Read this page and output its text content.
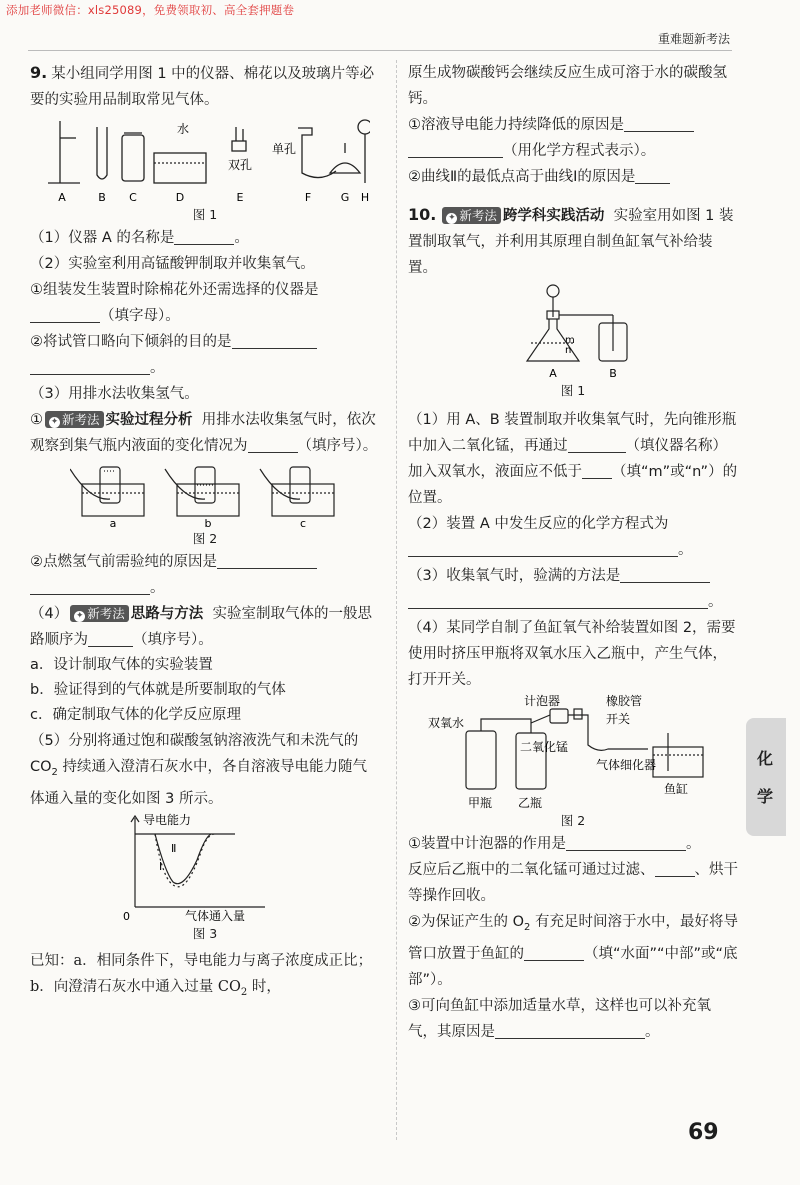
添加老师微信：xls25089，免费领取初、高全套押题卷
重难题新考法

9. 某小组同学用图 1 中的仪器、棉花以及玻璃片等必要的实验用品制取常见气体。

水
双孔
单孔
A	B C	D	E	F	G H
图 1

（1）仪器 A 的名称是	。

（2）实验室利用高锰酸钾制取并收集氧气。

①组装发生装置时除棉花外还需选择的仪器是（填字母）。

②将试管口略向下倾斜的目的是

。

（3）用排水法收集氢气。

① ✦ 新考法 实验过程分析 用排水法收集氢气时，依次观察到集气瓶内液面的变化情况为	（填序号）。

a	b	c
图 2

②点燃氢气前需验纯的原因是

。

（4） ✦ 新考法 思路与方法 实验室制取气体的一般思路顺序为	（填序号）。

a．设计制取气体的实验装置

b．验证得到的气体就是所要制取的气体

c．确定制取气体的化学反应原理

（5）分别将通过饱和碳酸氢钠溶液洗气和未洗气的 $CO_2$ 持续通入澄清石灰水中，各自溶液导电能力随气体通入量的变化如图 3 所示。

导电能力
Ⅱ
Ⅰ
0	气体通入量
图 3

已知：a．相同条件下，导电能力与离子浓度成正比；b．向澄清石灰水中通入过量 $CO_2$ 时，

原生成物碳酸钙会继续反应生成可溶于水的碳酸氢钙。

①溶液导电能力持续降低的原因是

（用化学方程式表示）。

②曲线Ⅱ的最低点高于曲线Ⅰ的原因是

10. ✦ 新考法 跨学科实践活动 实验室用如图 1 装置制取氧气，并利用其原理自制鱼缸氧气补给装置。

m
n
A	B
图 1

（1）用 A、B 装置制取并收集氧气时，先向锥形瓶中加入二氧化锰，再通过	（填仪器名称）加入双氧水，液面应不低于 （填“m”或“n”）的位置。

（2）装置 A 中发生反应的化学方程式为

。

（3）收集氧气时，验满的方法是

。

（4）某同学自制了鱼缸氧气补给装置如图 2，需要使用时挤压甲瓶将双氧水压入乙瓶中，产生气体，打开开关。

计泡器	橡胶管
开关
双氧水
二氧化锰
气体细化器
鱼缸
甲瓶 乙瓶
图 2

①装置中计泡器的作用是	。

反应后乙瓶中的二氧化锰可通过过滤、	、烘干等操作回收。

②为保证产生的 $O_2$ 有充足时间溶于水中，最好将导管口放置于鱼缸的	（填“水面”“中部”或“底部”）。

③可向鱼缸中添加适量水草，这样也可以补充氧气，其原因是	。

化
学
69
